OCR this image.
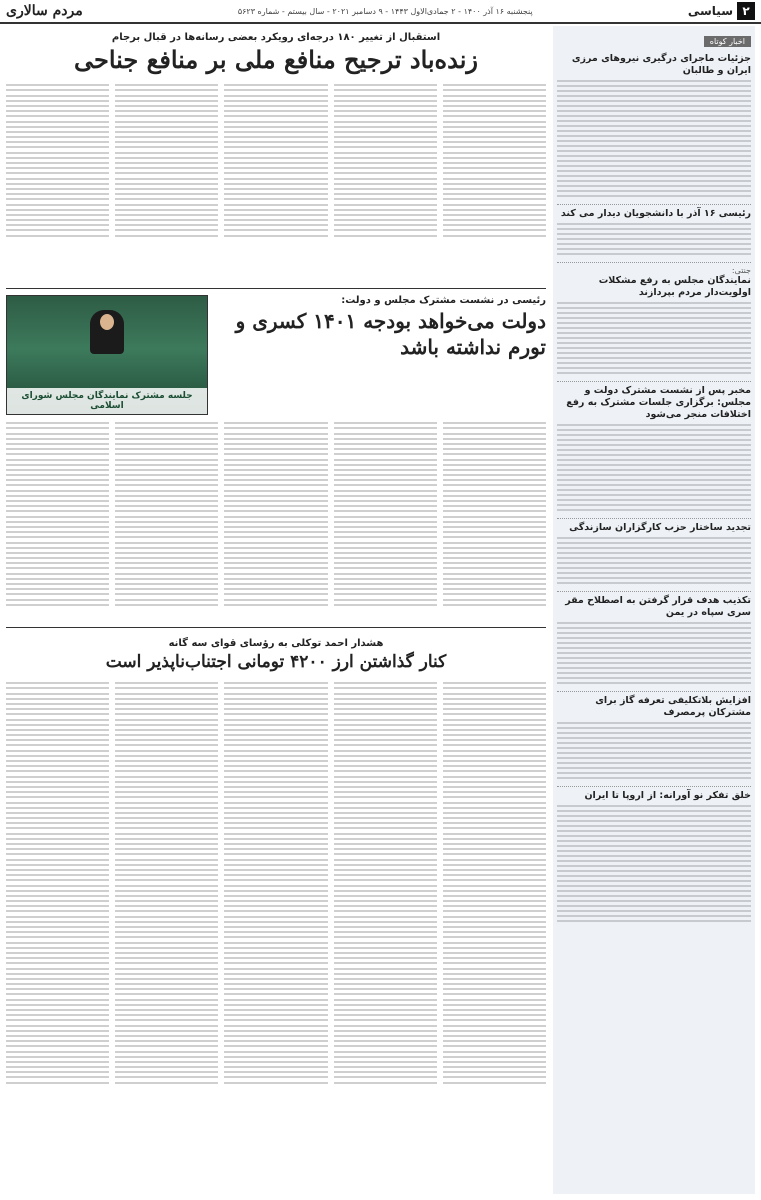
مردم سالاری	پنجشنبه ۱۶ آذر ۱۴۰۰ - ۲ جمادی‌الاول ۱۴۴۳ - ۹ دسامبر ۲۰۲۱ - سال بیستم - شماره ۵۶۲۳	۲
سیاسی
اخبار کوتاه
جزئیات ماجرای درگیری نیروهای مرزی ایران و طالبان
رئیسی ۱۶ آذر با دانشجویان دیدار می کند
جنتی:
نمایندگان مجلس به رفع مشکلات اولویت‌دار مردم بپردازند
مخبر پس از نشست مشترک دولت و مجلس: برگزاری جلسات مشترک به رفع اختلافات منجر می‌شود
تجدید ساختار حزب کارگزاران سازندگی
تکذیب هدف قرار گرفتن به اصطلاح مقر سری سپاه در یمن
افزایش بلاتکلیفی تعرفه گاز برای مشترکان پرمصرف
خلق تفکر نو آورانه: از اروپا تا ایران
استقبال از تغییر ۱۸۰ درجه‌ای رویکرد بعضی رسانه‌ها در قبال برجام
زنده‌باد ترجیح منافع ملی بر منافع جناحی
رئیسی در نشست مشترک مجلس و دولت:
دولت می‌خواهد بودجه ۱۴۰۱ کسری و تورم نداشته باشد
جلسه مشترک نمایندگان مجلس شورای اسلامی
هشدار احمد توکلی به رؤسای قوای سه گانه
کنار گذاشتن ارز ۴۲۰۰ تومانی اجتناب‌ناپذیر است
